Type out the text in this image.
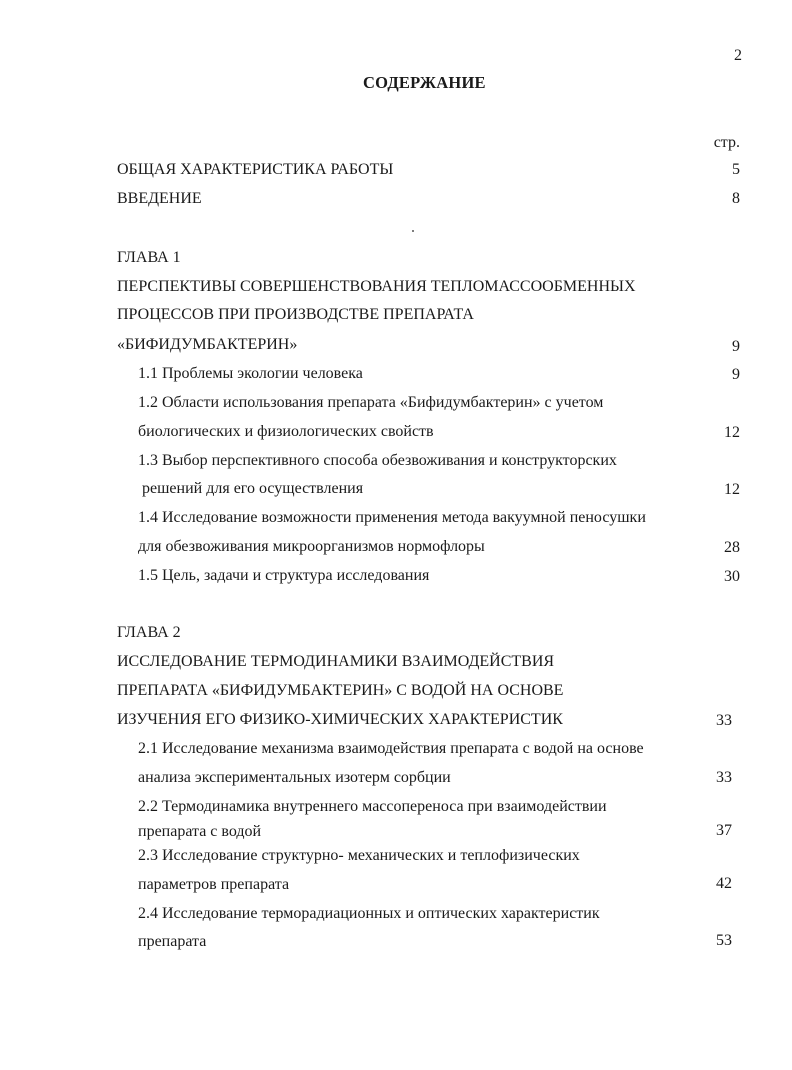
2
СОДЕРЖАНИЕ
стр.
ОБЩАЯ ХАРАКТЕРИСТИКА РАБОТЫ	5
ВВЕДЕНИЕ	8
ГЛАВА 1
ПЕРСПЕКТИВЫ СОВЕРШЕНСТВОВАНИЯ ТЕПЛОМАССООБМЕННЫХ
ПРОЦЕССОВ ПРИ ПРОИЗВОДСТВЕ ПРЕПАРАТА
«БИФИДУМБАКТЕРИН»	9
1.1 Проблемы экологии человека	9
1.2 Области использования препарата «Бифидумбактерин» с учетом
биологических и физиологических свойств	12
1.3 Выбор перспективного способа обезвоживания и конструкторских
решений для его осуществления	12
1.4 Исследование возможности применения метода вакуумной пеносушки
для обезвоживания микроорганизмов нормофлоры	28
1.5 Цель, задачи и структура исследования	30
ГЛАВА 2
ИССЛЕДОВАНИЕ ТЕРМОДИНАМИКИ ВЗАИМОДЕЙСТВИЯ
ПРЕПАРАТА «БИФИДУМБАКТЕРИН» С ВОДОЙ НА ОСНОВЕ
ИЗУЧЕНИЯ ЕГО ФИЗИКО-ХИМИЧЕСКИХ ХАРАКТЕРИСТИК	33
2.1 Исследование механизма взаимодействия препарата с водой на основе
анализа экспериментальных изотерм сорбции	33
2.2 Термодинамика внутреннего массопереноса при взаимодействии
препарата с водой	37
2.3 Исследование структурно- механических и теплофизических
параметров препарата	42
2.4 Исследование терморадиационных и оптических характеристик
препарата	53
